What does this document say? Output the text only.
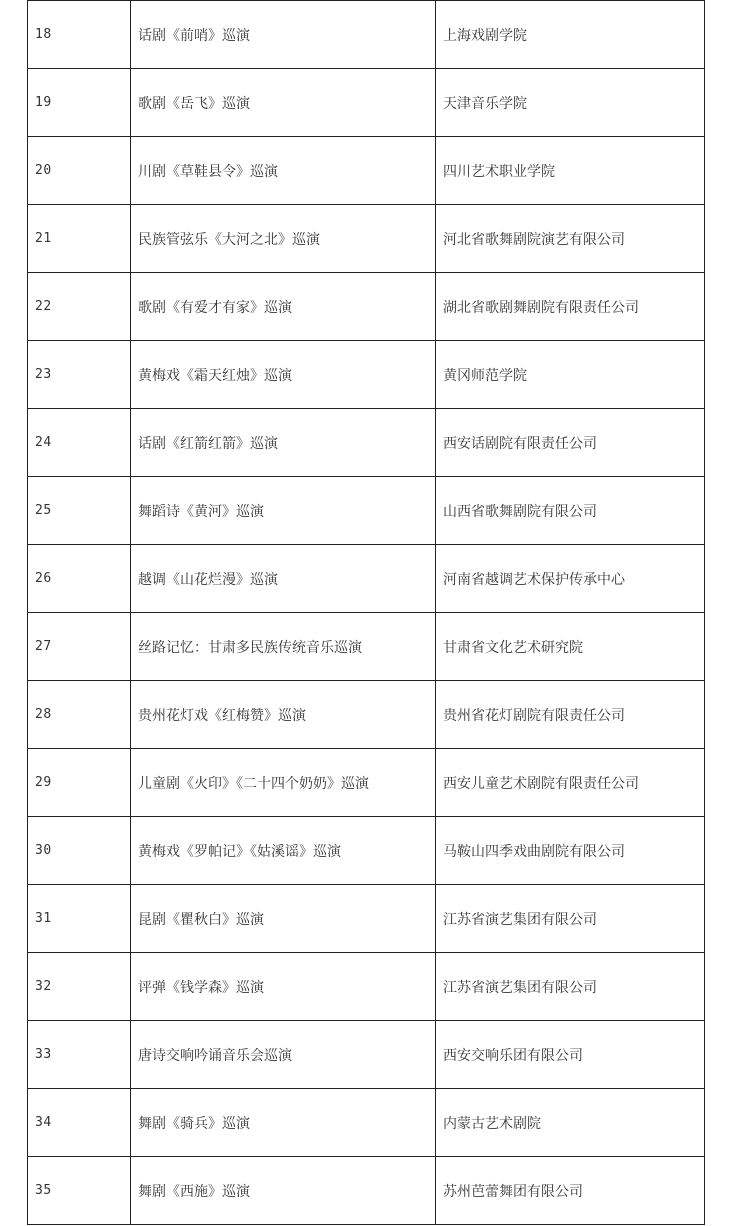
18	话剧《前哨》巡演	上海戏剧学院
19	歌剧《岳飞》巡演	天津音乐学院
20	川剧《草鞋县令》巡演	四川艺术职业学院
21	民族管弦乐《大河之北》巡演	河北省歌舞剧院演艺有限公司
22	歌剧《有爱才有家》巡演	湖北省歌剧舞剧院有限责任公司
23	黄梅戏《霜天红烛》巡演	黄冈师范学院
24	话剧《红箭红箭》巡演	西安话剧院有限责任公司
25	舞蹈诗《黄河》巡演	山西省歌舞剧院有限公司
26	越调《山花烂漫》巡演	河南省越调艺术保护传承中心
27	丝路记忆：甘肃多民族传统音乐巡演	甘肃省文化艺术研究院
28	贵州花灯戏《红梅赞》巡演	贵州省花灯剧院有限责任公司
29	儿童剧《火印》《二十四个奶奶》巡演	西安儿童艺术剧院有限责任公司
30	黄梅戏《罗帕记》《姑溪谣》巡演	马鞍山四季戏曲剧院有限公司
31	昆剧《瞿秋白》巡演	江苏省演艺集团有限公司
32	评弹《钱学森》巡演	江苏省演艺集团有限公司
33	唐诗交响吟诵音乐会巡演	西安交响乐团有限公司
34	舞剧《骑兵》巡演	内蒙古艺术剧院
35	舞剧《西施》巡演	苏州芭蕾舞团有限公司
